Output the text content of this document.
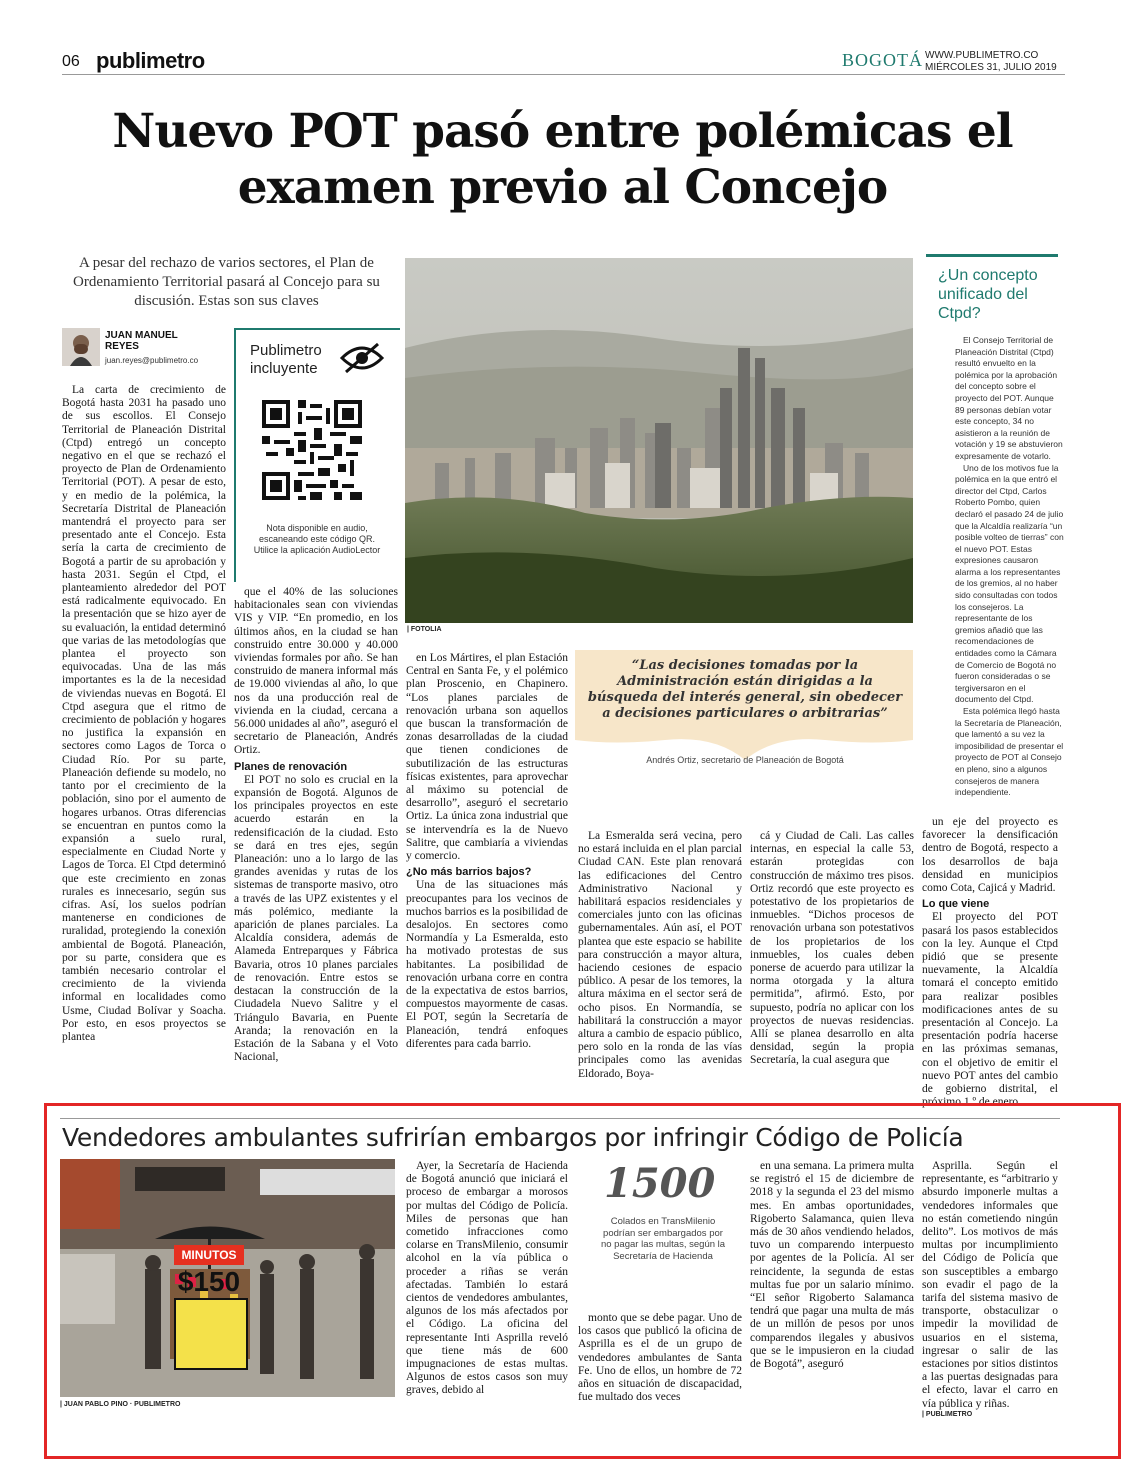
06 publimetro	BOGOTÁ WWW.PUBLIMETRO.CO
MIÉRCOLES 31, JULIO 2019
Nuevo POT pasó entre polémicas el examen previo al Concejo
A pesar del rechazo de varios sectores, el Plan de Ordenamiento Territorial pasará al Concejo para su discusión. Estas son sus claves
JUAN MANUEL REYES
juan.reyes@publimetro.co
Publimetro incluyente
Nota disponible en audio, escaneando este código QR. Utilice la aplicación AudioLector
| FOTOLIA

La carta de crecimiento de Bogotá hasta 2031 ha pasado uno de sus escollos. El Consejo Territorial de Planeación Distrital (Ctpd) entregó un concepto negativo en el que se rechazó el proyecto de Plan de Ordenamiento Territorial (POT). A pesar de esto, y en medio de la polémica, la Secretaría Distrital de Planeación mantendrá el proyecto para ser presentado ante el Concejo. Esta sería la carta de crecimiento de Bogotá a partir de su aprobación y hasta 2031. Según el Ctpd, el planteamiento alrededor del POT está radicalmente equivocado. En la presentación que se hizo ayer de su evaluación, la entidad determinó que varias de las metodologías que plantea el proyecto son equivocadas. Una de las más importantes es la de la necesidad de viviendas nuevas en Bogotá. El Ctpd asegura que el ritmo de crecimiento de población y hogares no justifica la expansión en sectores como Lagos de Torca o Ciudad Río. Por su parte, Planeación defiende su modelo, no tanto por el crecimiento de la población, sino por el aumento de hogares urbanos. Otras diferencias se encuentran en puntos como la expansión a suelo rural, especialmente en Ciudad Norte y Lagos de Torca. El Ctpd determinó que este crecimiento en zonas rurales es innecesario, según sus cifras. Así, los suelos podrían mantenerse en condiciones de ruralidad, protegiendo la conexión ambiental de Bogotá. Planeación, por su parte, considera que es también necesario controlar el crecimiento de la vivienda informal en localidades como Usme, Ciudad Bolívar y Soacha. Por esto, en esos proyectos se plantea

que el 40% de las soluciones habitacionales sean con viviendas VIS y VIP. “En promedio, en los últimos años, en la ciudad se han construido entre 30.000 y 40.000 viviendas formales por año. Se han construido de manera informal más de 19.000 viviendas al año, lo que nos da una producción real de vivienda en la ciudad, cercana a 56.000 unidades al año”, aseguró el secretario de Planeación, Andrés Ortiz.

Planes de renovación

El POT no solo es crucial en la expansión de Bogotá. Algunos de los principales proyectos en este acuerdo estarán en la redensificación de la ciudad. Esto se dará en tres ejes, según Planeación: uno a lo largo de las grandes avenidas y rutas de los sistemas de transporte masivo, otro a través de las UPZ existentes y el más polémico, mediante la aparición de planes parciales. La Alcaldía considera, además de Alameda Entreparques y Fábrica Bavaria, otros 10 planes parciales de renovación. Entre estos se destacan la construcción de la Ciudadela Nuevo Salitre y el Triángulo Bavaria, en Puente Aranda; la renovación en la Estación de la Sabana y el Voto Nacional,

en Los Mártires, el plan Estación Central en Santa Fe, y el polémico plan Proscenio, en Chapinero. “Los planes parciales de renovación urbana son aquellos que buscan la transformación de zonas desarrolladas de la ciudad que tienen condiciones de subutilización de las estructuras físicas existentes, para aprovechar al máximo su potencial de desarrollo”, aseguró el secretario Ortiz. La única zona industrial que se intervendría es la de Nuevo Salitre, que cambiaría a viviendas y comercio.

¿No más barrios bajos?

Una de las situaciones más preocupantes para los vecinos de muchos barrios es la posibilidad de desalojos. En sectores como Normandía y La Esmeralda, esto ha motivado protestas de sus habitantes. La posibilidad de renovación urbana corre en contra de la expectativa de estos barrios, compuestos mayormente de casas. El POT, según la Secretaría de Planeación, tendrá enfoques diferentes para cada barrio.

“Las decisiones tomadas por la Administración están dirigidas a la búsqueda del interés general, sin obedecer a decisiones particulares o arbitrarias”
Andrés Ortiz, secretario de Planeación de Bogotá

La Esmeralda será vecina, pero no estará incluida en el plan parcial Ciudad CAN. Este plan renovará las edificaciones del Centro Administrativo Nacional y habilitará espacios residenciales y comerciales junto con las oficinas gubernamentales. Aún así, el POT plantea que este espacio se habilite para construcción a mayor altura, haciendo cesiones de espacio público. A pesar de los temores, la altura máxima en el sector será de ocho pisos. En Normandía, se habilitará la construcción a mayor altura a cambio de espacio público, pero solo en la ronda de las vías principales como las avenidas Eldorado, Boya-

cá y Ciudad de Cali. Las calles internas, en especial la calle 53, estarán protegidas con construcción de máximo tres pisos. Ortiz recordó que este proyecto es potestativo de los propietarios de inmuebles. “Dichos procesos de renovación urbana son potestativos de los propietarios de los inmuebles, los cuales deben ponerse de acuerdo para utilizar la norma otorgada y la altura permitida”, afirmó. Esto, por supuesto, podría no aplicar con los proyectos de nuevas residencias. Allí se planea desarrollo en alta densidad, según la propia Secretaría, la cual asegura que

un eje del proyecto es favorecer la densificación dentro de Bogotá, respecto a los desarrollos de baja densidad en municipios como Cota, Cajicá y Madrid.

Lo que viene

El proyecto del POT pasará los pasos establecidos con la ley. Aunque el Ctpd pidió que se presente nuevamente, la Alcaldía tomará el concepto emitido para realizar posibles modificaciones antes de su presentación al Concejo. La presentación podría hacerse en las próximas semanas, con el objetivo de emitir el nuevo POT antes del cambio de gobierno distrital, el próximo 1.º de enero.

¿Un concepto unificado del Ctpd?

El Consejo Territorial de Planeación Distrital (Ctpd) resultó envuelto en la polémica por la aprobación del concepto sobre el proyecto del POT. Aunque 89 personas debían votar este concepto, 34 no asistieron a la reunión de votación y 19 se abstuvieron expresamente de votarlo.

Uno de los motivos fue la polémica en la que entró el director del Ctpd, Carlos Roberto Pombo, quien declaró el pasado 24 de julio que la Alcaldía realizaría “un posible volteo de tierras” con el nuevo POT. Estas expresiones causaron alarma a los representantes de los gremios, al no haber sido consultadas con todos los consejeros. La representante de los gremios añadió que las recomendaciones de entidades como la Cámara de Comercio de Bogotá no fueron consideradas o se tergiversaron en el documento del Ctpd.

Esta polémica llegó hasta la Secretaría de Planeación, que lamentó a su vez la imposibilidad de presentar el proyecto de POT al Consejo en pleno, sino a algunos consejeros de manera independiente.

Vendedores ambulantes sufrirían embargos por infringir Código de Policía
MINUTOS
$150
| JUAN PABLO PINO · PUBLIMETRO

Ayer, la Secretaría de Hacienda de Bogotá anunció que iniciará el proceso de embargar a morosos por multas del Código de Policía. Miles de personas que han cometido infracciones como colarse en TransMilenio, consumir alcohol en la vía pública o proceder a riñas se verán afectadas. También lo estará cientos de vendedores ambulantes, algunos de los más afectados por el Código. La oficina del representante Inti Asprilla reveló que tiene más de 600 impugnaciones de estas multas. Algunos de estos casos son muy graves, debido al

1500
Colados en TransMilenio podrían ser embargados por no pagar las multas, según la Secretaría de Hacienda

monto que se debe pagar. Uno de los casos que publicó la oficina de Asprilla es el de un grupo de vendedores ambulantes de Santa Fe. Uno de ellos, un hombre de 72 años en situación de discapacidad, fue multado dos veces

en una semana. La primera multa se registró el 15 de diciembre de 2018 y la segunda el 23 del mismo mes. En ambas oportunidades, Rigoberto Salamanca, quien lleva más de 30 años vendiendo helados, tuvo un comparendo interpuesto por agentes de la Policía. Al ser reincidente, la segunda de estas multas fue por un salario mínimo. “El señor Rigoberto Salamanca tendrá que pagar una multa de más de un millón de pesos por unos comparendos ilegales y abusivos que se le impusieron en la ciudad de Bogotá”, aseguró

Asprilla. Según el representante, es “arbitrario y absurdo imponerle multas a vendedores informales que no están cometiendo ningún delito”. Los motivos de más multas por incumplimiento del Código de Policía que son susceptibles a embargo son evadir el pago de la tarifa del sistema masivo de transporte, obstaculizar o impedir la movilidad de usuarios en el sistema, ingresar o salir de las estaciones por sitios distintos a las puertas designadas para el efecto, lavar el carro en vía pública y riñas.

| PUBLIMETRO
